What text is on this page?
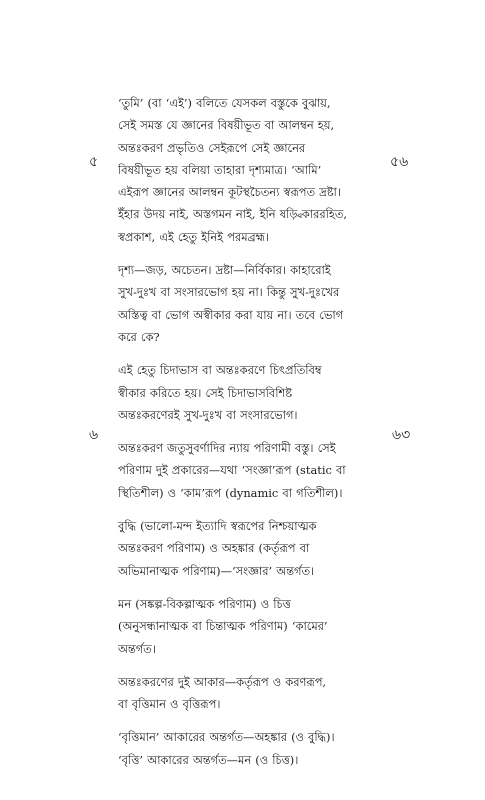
৫	৫৬
৬	৬৩
‘তুমি’ (বা ‘এই’) বলিতে যেসকল বস্তুকে বুঝায়,
সেই সমস্ত যে জ্ঞানের বিষয়ীভূত বা আলম্বন হয়,
অন্তঃকরণ প্রভৃতিও সেইরূপে সেই জ্ঞানের
বিষয়ীভূত হয় বলিয়া তাহারা দৃশ্যমাত্র। ‘আমি’
এইরূপ জ্ঞানের আলম্বন কূটস্থচৈতন্য স্বরূপত দ্রষ্টা।
ইঁহার উদয় নাই, অস্তগমন নাই, ইনি ষড়্বিকাররহিত,
স্বপ্রকাশ, এই হেতু ইনিই পরমব্রহ্ম।
দৃশ্য—জড়, অচেতন। দ্রষ্টা—নির্বিকার। কাহারোই
সুখ-দুঃখ বা সংসারভোগ হয় না। কিন্তু সুখ-দুঃখের
অস্তিত্ব বা ভোগ অস্বীকার করা যায় না। তবে ভোগ
করে কে?
এই হেতু চিদাভাস বা অন্তঃকরণে চিৎপ্রতিবিম্ব
স্বীকার করিতে হয়। সেই চিদাভাসবিশিষ্ট
অন্তঃকরণেরই সুখ-দুঃখ বা সংসারভোগ।
অন্তঃকরণ জতুসুবর্ণাদির ন্যায় পরিণামী বস্তু। সেই
পরিণাম দুই প্রকারের—যথা ‘সংজ্ঞা’রূপ (static বা
স্থিতিশীল) ও ‘কাম’রূপ (dynamic বা গতিশীল)।
বুদ্ধি (ভালো-মন্দ ইত্যাদি স্বরূপের নিশ্চয়াত্মক
অন্তঃকরণ পরিণাম) ও অহঙ্কার (কর্তৃরূপ বা
অভিমানাত্মক পরিণাম)—‘সংজ্ঞার’ অন্তর্গত।
মন (সঙ্কল্প-বিকল্পাত্মক পরিণাম) ও চিত্ত
(অনুসন্ধানাত্মক বা চিন্তাত্মক পরিণাম) ‘কামের’
অন্তর্গত।
অন্তঃকরণের দুই আকার—কর্তৃরূপ ও করণরূপ,
বা বৃত্তিমান ও বৃত্তিরূপ।
‘বৃত্তিমান’ আকারের অন্তর্গত—অহঙ্কার (ও বুদ্ধি)।
‘বৃত্তি’ আকারের অন্তর্গত—মন (ও চিত্ত)।
